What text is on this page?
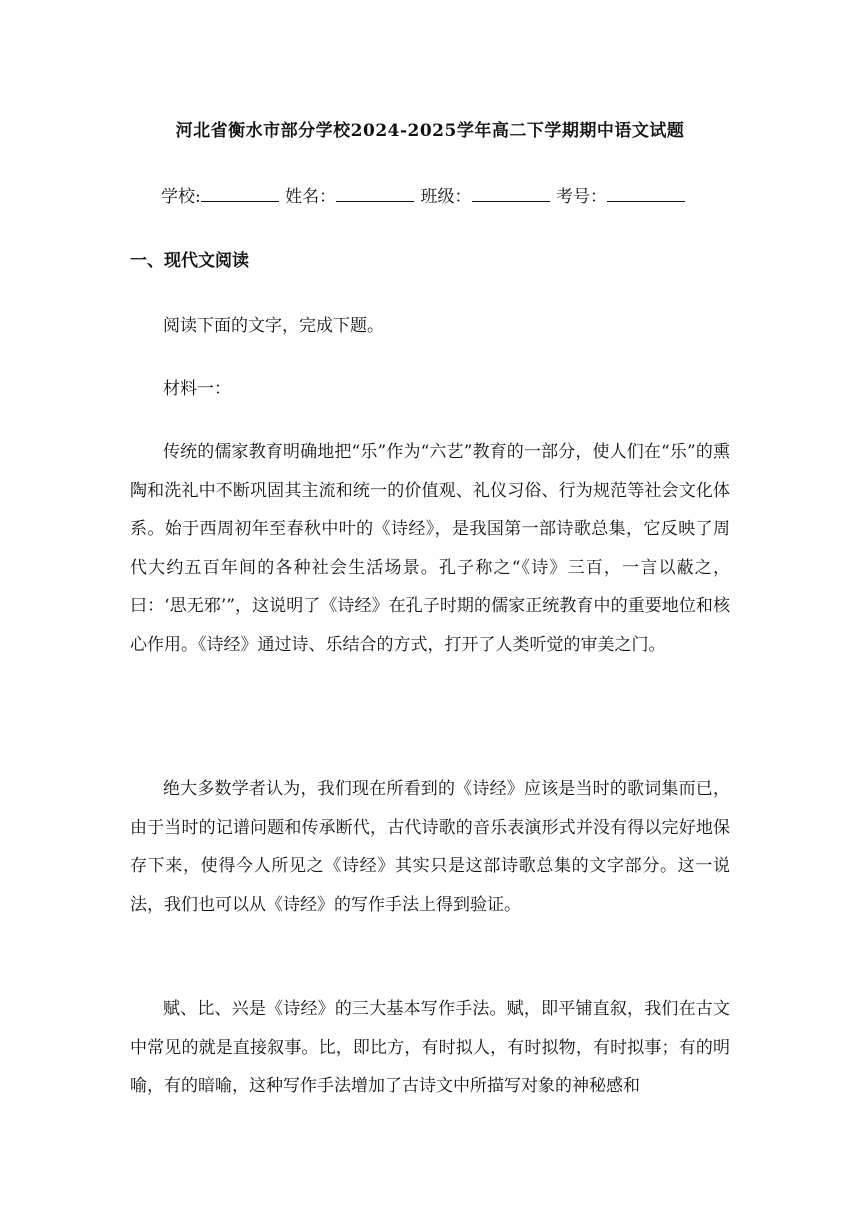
河北省衡水市部分学校2024-2025学年高二下学期期中语文试题
学校:	姓名：	班级：	考号：
一、现代文阅读

阅读下面的文字，完成下题。

材料一：

传统的儒家教育明确地把“乐”作为“六艺”教育的一部分，使人们在“乐”的熏陶和洗礼中不断巩固其主流和统一的价值观、礼仪习俗、行为规范等社会文化体系。始于西周初年至春秋中叶的《诗经》，是我国第一部诗歌总集，它反映了周代大约五百年间的各种社会生活场景。孔子称之“《诗》三百，一言以蔽之，曰：‘思无邪’”，这说明了《诗经》在孔子时期的儒家正统教育中的重要地位和核心作用。《诗经》通过诗、乐结合的方式，打开了人类听觉的审美之门。

绝大多数学者认为，我们现在所看到的《诗经》应该是当时的歌词集而已，由于当时的记谱问题和传承断代，古代诗歌的音乐表演形式并没有得以完好地保存下来，使得今人所见之《诗经》其实只是这部诗歌总集的文字部分。这一说法，我们也可以从《诗经》的写作手法上得到验证。

赋、比、兴是《诗经》的三大基本写作手法。赋，即平铺直叙，我们在古文中常见的就是直接叙事。比，即比方，有时拟人，有时拟物，有时拟事；有的明喻，有的暗喻，这种写作手法增加了古诗文中所描写对象的神秘感和
